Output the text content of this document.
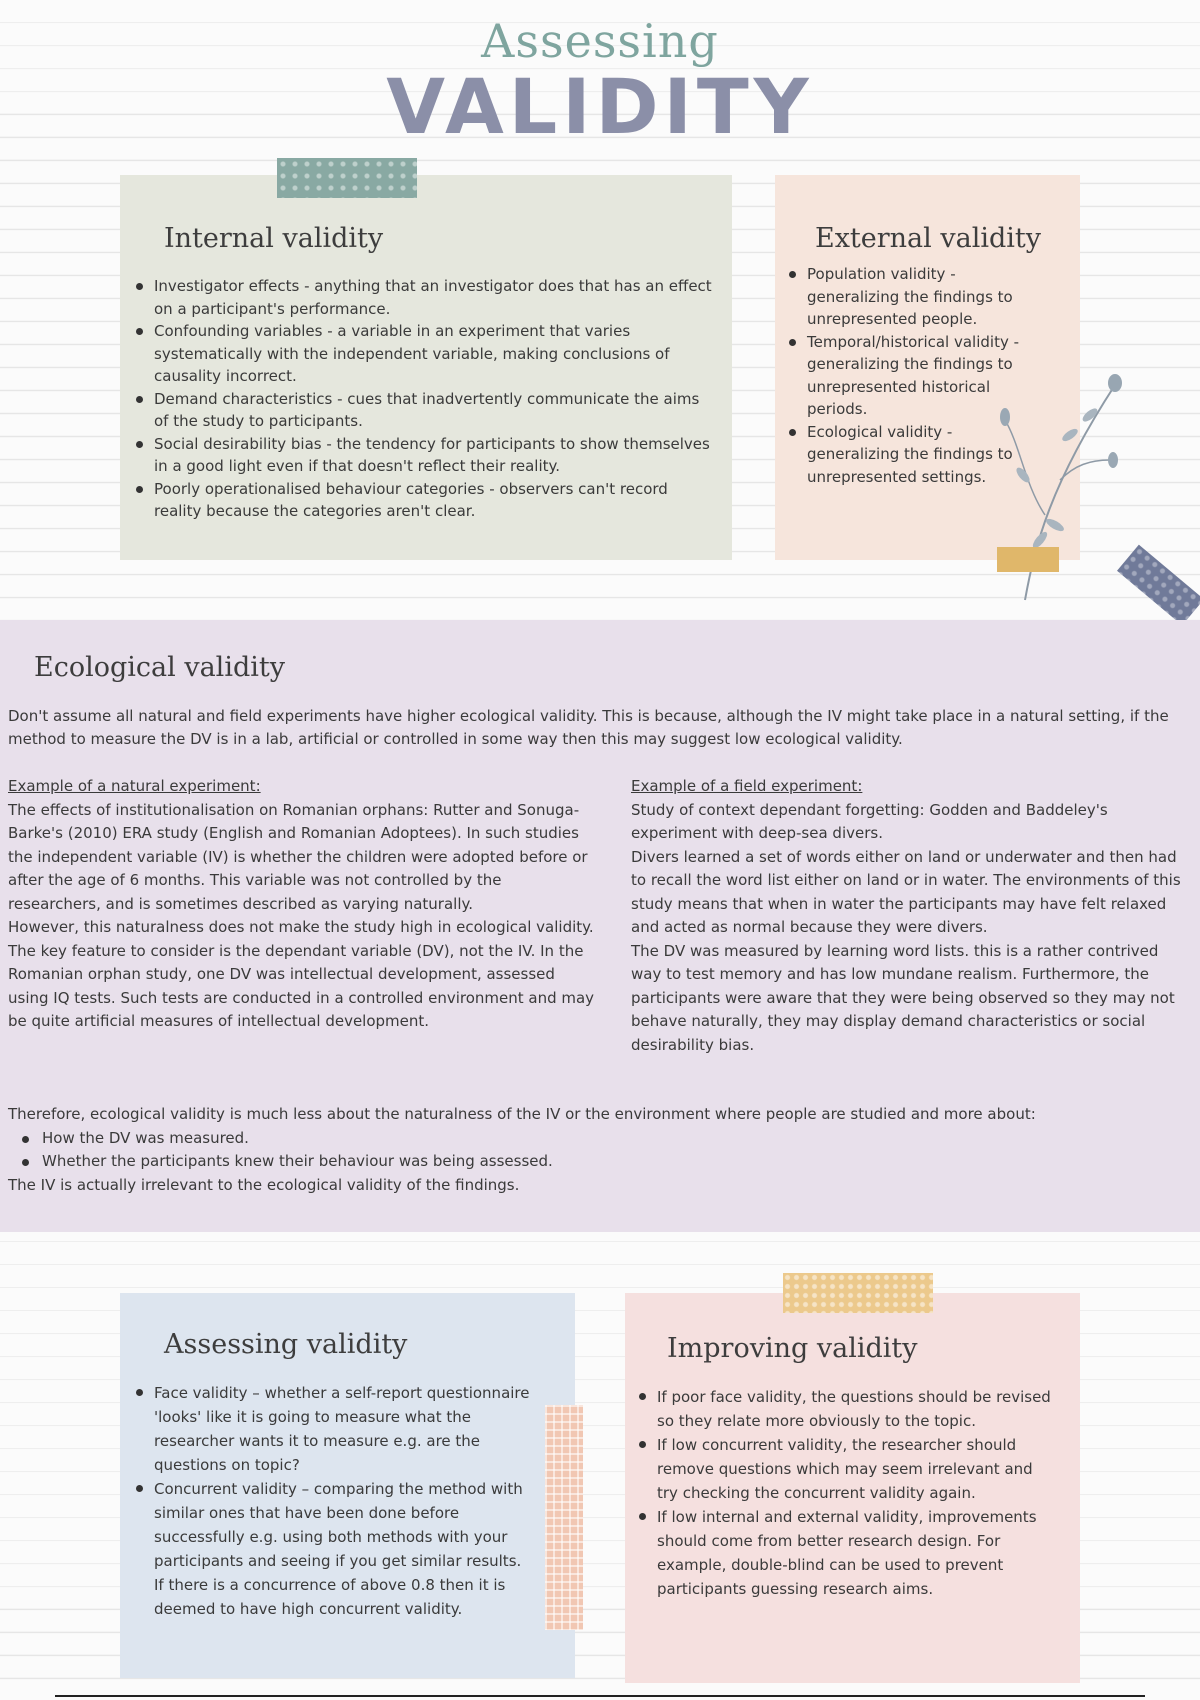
Assessing
VALIDITY
Internal validity
Investigator effects - anything that an investigator does that has an effect on a participant's performance.
Confounding variables - a variable in an experiment that varies systematically with the independent variable, making conclusions of causality incorrect.
Demand characteristics - cues that inadvertently communicate the aims of the study to participants.
Social desirability bias - the tendency for participants to show themselves in a good light even if that doesn't reflect their reality.
Poorly operationalised behaviour categories - observers can't record reality because the categories aren't clear.
External validity
Population validity - generalizing the findings to unrepresented people.
Temporal/historical validity - generalizing the findings to unrepresented historical periods.
Ecological validity - generalizing the findings to unrepresented settings.
Ecological validity

Don't assume all natural and field experiments have higher ecological validity. This is because, although the IV might take place in a natural setting, if the method to measure the DV is in a lab, artificial or controlled in some way then this may suggest low ecological validity.

Example of a natural experiment:
The effects of institutionalisation on Romanian orphans: Rutter and Sonuga-Barke's (2010) ERA study (English and Romanian Adoptees). In such studies the independent variable (IV) is whether the children were adopted before or after the age of 6 months. This variable was not controlled by the researchers, and is sometimes described as varying naturally.
However, this naturalness does not make the study high in ecological validity. The key feature to consider is the dependant variable (DV), not the IV. In the Romanian orphan study, one DV was intellectual development, assessed using IQ tests. Such tests are conducted in a controlled environment and may be quite artificial measures of intellectual development.
Example of a field experiment:
Study of context dependant forgetting: Godden and Baddeley's experiment with deep-sea divers.
Divers learned a set of words either on land or underwater and then had to recall the word list either on land or in water. The environments of this study means that when in water the participants may have felt relaxed and acted as normal because they were divers.
The DV was measured by learning word lists. this is a rather contrived way to test memory and has low mundane realism. Furthermore, the participants were aware that they were being observed so they may not behave naturally, they may display demand characteristics or social desirability bias.
Therefore, ecological validity is much less about the naturalness of the IV or the environment where people are studied and more about:
How the DV was measured.
Whether the participants knew their behaviour was being assessed.
The IV is actually irrelevant to the ecological validity of the findings.
Assessing validity
Face validity – whether a self-report questionnaire 'looks' like it is going to measure what the researcher wants it to measure e.g. are the questions on topic?
Concurrent validity – comparing the method with similar ones that have been done before successfully e.g. using both methods with your participants and seeing if you get similar results. If there is a concurrence of above 0.8 then it is deemed to have high concurrent validity.
Improving validity
If poor face validity, the questions should be revised so they relate more obviously to the topic.
If low concurrent validity, the researcher should remove questions which may seem irrelevant and try checking the concurrent validity again.
If low internal and external validity, improvements should come from better research design. For example, double-blind can be used to prevent participants guessing research aims.
